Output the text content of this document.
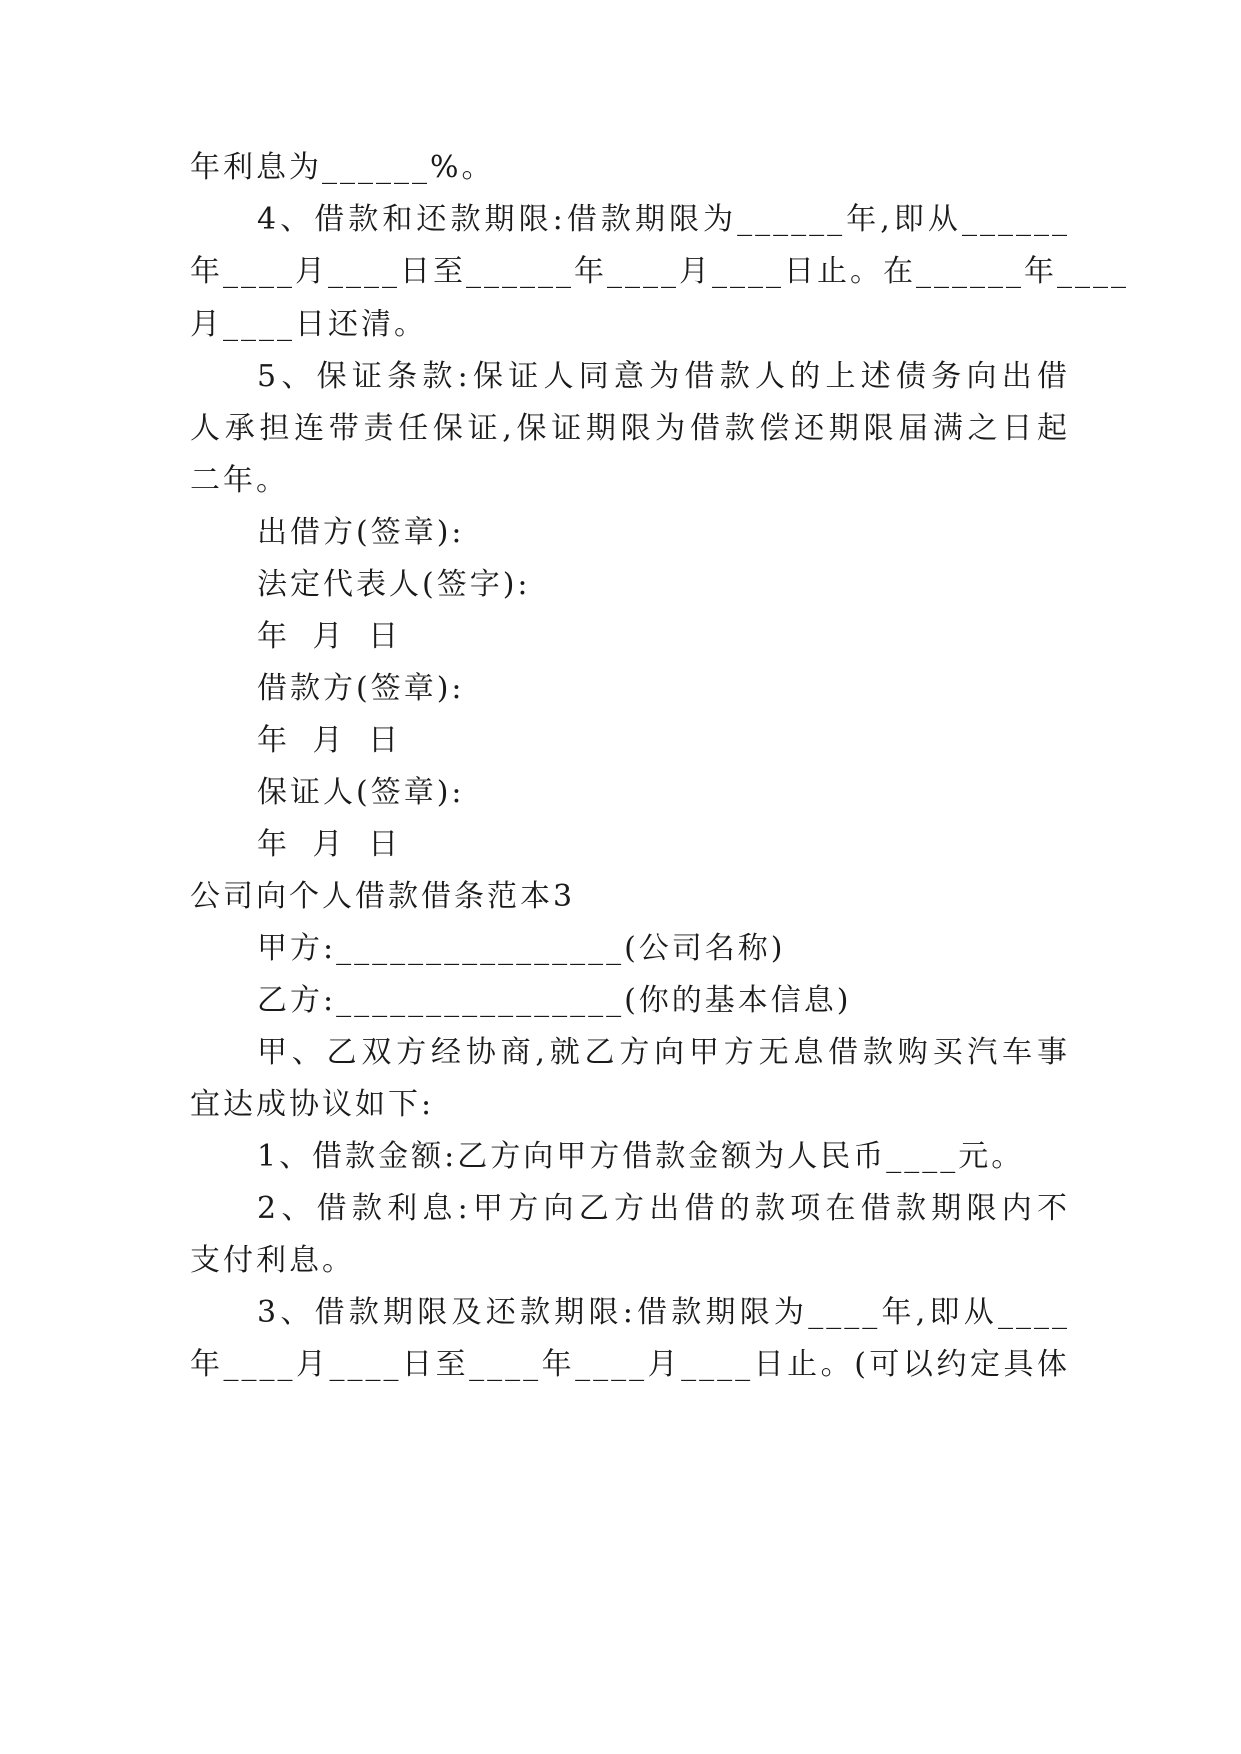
年利息为______%。
4、借款和还款期限:借款期限为______年,即从______
年____月____日至______年____月____日止。在______年____
月____日还清。
5、保证条款:保证人同意为借款人的上述债务向出借
人承担连带责任保证,保证期限为借款偿还期限届满之日起
二年。
出借方(签章):
法定代表人(签字):
年 月 日
借款方(签章):
年 月 日
保证人(签章):
年 月 日
公司向个人借款借条范本3
甲方:________________(公司名称)
乙方:________________(你的基本信息)
甲、乙双方经协商,就乙方向甲方无息借款购买汽车事
宜达成协议如下:
1、借款金额:乙方向甲方借款金额为人民币____元。
2、借款利息:甲方向乙方出借的款项在借款期限内不
支付利息。
3、借款期限及还款期限:借款期限为____年,即从____
年____月____日至____年____月____日止。(可以约定具体
